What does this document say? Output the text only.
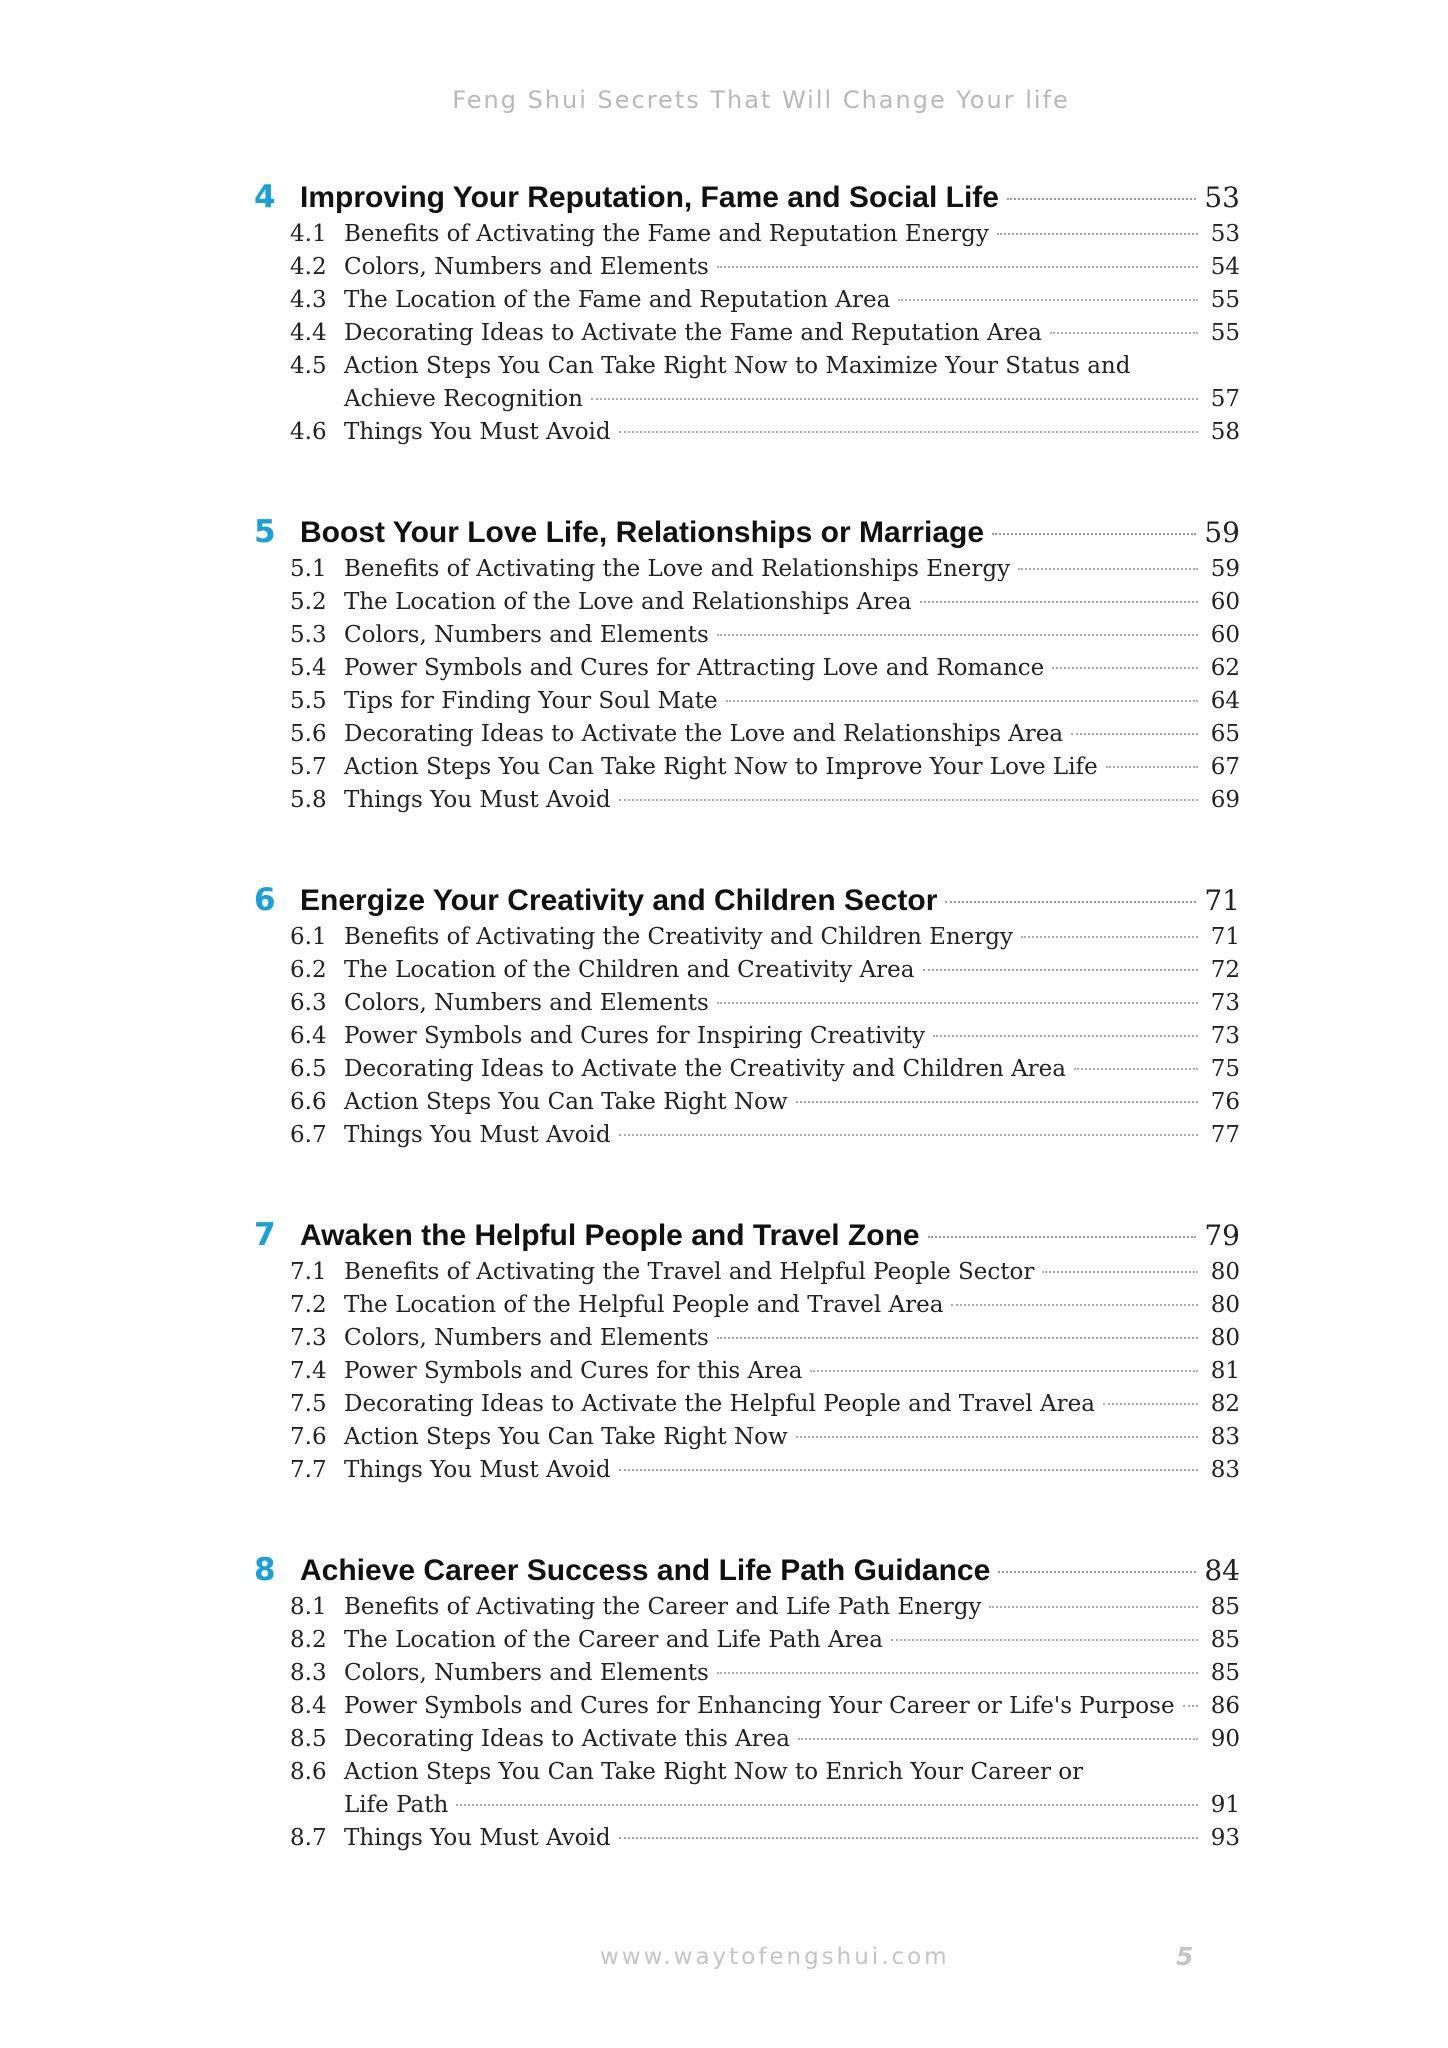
Feng Shui Secrets That Will Change Your life
4 Improving Your Reputation, Fame and Social Life	53
4.1 Benefits of Activating the Fame and Reputation Energy	53
4.2 Colors, Numbers and Elements	54
4.3 The Location of the Fame and Reputation Area	55
4.4 Decorating Ideas to Activate the Fame and Reputation Area	55
4.5 Action Steps You Can Take Right Now to Maximize Your Status and
Achieve Recognition	57
4.6 Things You Must Avoid	58
5 Boost Your Love Life, Relationships or Marriage	59
5.1 Benefits of Activating the Love and Relationships Energy	59
5.2 The Location of the Love and Relationships Area	60
5.3 Colors, Numbers and Elements	60
5.4 Power Symbols and Cures for Attracting Love and Romance	62
5.5 Tips for Finding Your Soul Mate	64
5.6 Decorating Ideas to Activate the Love and Relationships Area	65
5.7 Action Steps You Can Take Right Now to Improve Your Love Life	67
5.8 Things You Must Avoid	69
6 Energize Your Creativity and Children Sector	71
6.1 Benefits of Activating the Creativity and Children Energy	71
6.2 The Location of the Children and Creativity Area	72
6.3 Colors, Numbers and Elements	73
6.4 Power Symbols and Cures for Inspiring Creativity	73
6.5 Decorating Ideas to Activate the Creativity and Children Area	75
6.6 Action Steps You Can Take Right Now	76
6.7 Things You Must Avoid	77
7 Awaken the Helpful People and Travel Zone	79
7.1 Benefits of Activating the Travel and Helpful People Sector	80
7.2 The Location of the Helpful People and Travel Area	80
7.3 Colors, Numbers and Elements	80
7.4 Power Symbols and Cures for this Area	81
7.5 Decorating Ideas to Activate the Helpful People and Travel Area	82
7.6 Action Steps You Can Take Right Now	83
7.7 Things You Must Avoid	83
8 Achieve Career Success and Life Path Guidance	84
8.1 Benefits of Activating the Career and Life Path Energy	85
8.2 The Location of the Career and Life Path Area	85
8.3 Colors, Numbers and Elements	85
8.4 Power Symbols and Cures for Enhancing Your Career or Life's Purpose 86
8.5 Decorating Ideas to Activate this Area	90
8.6 Action Steps You Can Take Right Now to Enrich Your Career or
Life Path	91
8.7 Things You Must Avoid	93
www.waytofengshui.com	5
